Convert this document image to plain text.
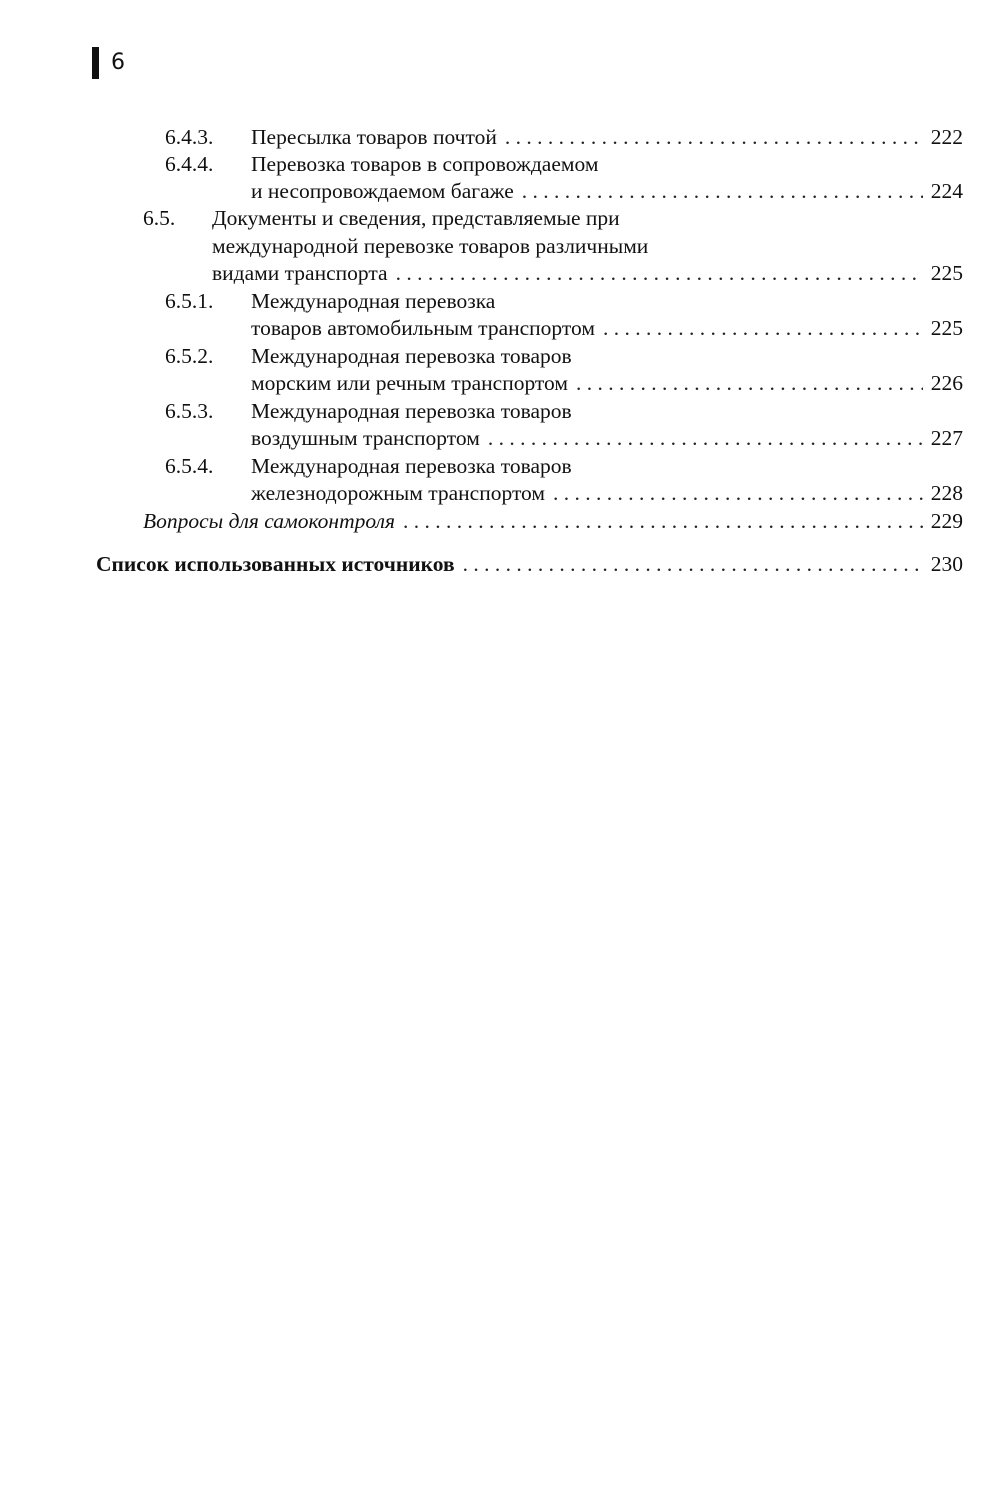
6
6.4.3. Пересылка товаров почтой . . .	222
6.4.4. Перевозка товаров в сопровождаемом
и несопровождаемом багаже . . .	224
6.5. Документы и сведения, представляемые при
международной перевозке товаров различными
видами транспорта . . .	225
6.5.1. Международная перевозка
товаров автомобильным транспортом . . .	225
6.5.2. Международная перевозка товаров
морским или речным транспортом . . .	226
6.5.3. Международная перевозка товаров
воздушным транспортом . . .	227
6.5.4. Международная перевозка товаров
железнодорожным транспортом . . .	228
Вопросы для самоконтроля . . .	229
Список использованных источников . . .	230
